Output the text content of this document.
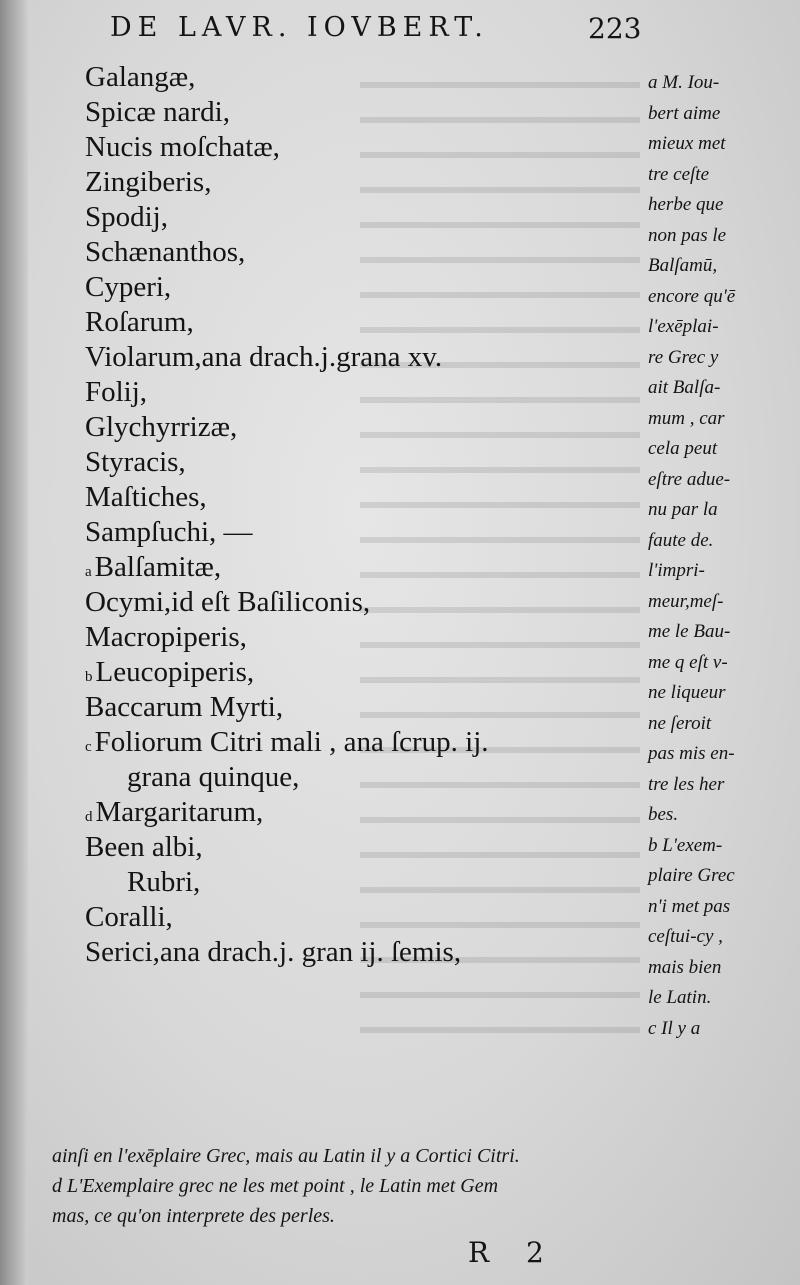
DE LAVR. IOVBERT.	223
Galangæ,
Spicæ nardi,
Nucis moſchatæ,
Zingiberis,
Spodij,
Schænanthos,
Cyperi,
Roſarum,
Violarum,ana drach.j.grana xv.
Folij,
Glychyrrizæ,
Styracis,
Maſtiches,
Sampſuchi, —
a Balſamitæ,
Ocymi,id eſt Baſiliconis,
Macropiperis,
b Leucopiperis,
Baccarum Myrti,
c Foliorum Citri mali , ana ſcrup. ij.
grana quinque,
d Margaritarum,
Been albi,
Rubri,
Coralli,
Serici,ana drach.j. gran ij. ſemis,
a M. Iou-
bert aime
mieux met
tre ceſte
herbe que
non pas le
Balſamū,
encore qu'ē
l'exēplai-
re Grec y
ait Balſa-
mum , car
cela peut
eſtre adue-
nu par la
faute de.
l'impri-
meur,meſ-
me le Bau-
me q eſt v-
ne liqueur
ne ſeroit
pas mis en-
tre les her
bes.
b L'exem-
plaire Grec
n'i met pas
ceſtui-cy ,
mais bien
le Latin.
c Il y a
ainſi en l'exēplaire Grec, mais au Latin il y a Cortici Citri.
d L'Exemplaire grec ne les met point , le Latin met Gem
mas, ce qu'on interprete des perles.
R 2
